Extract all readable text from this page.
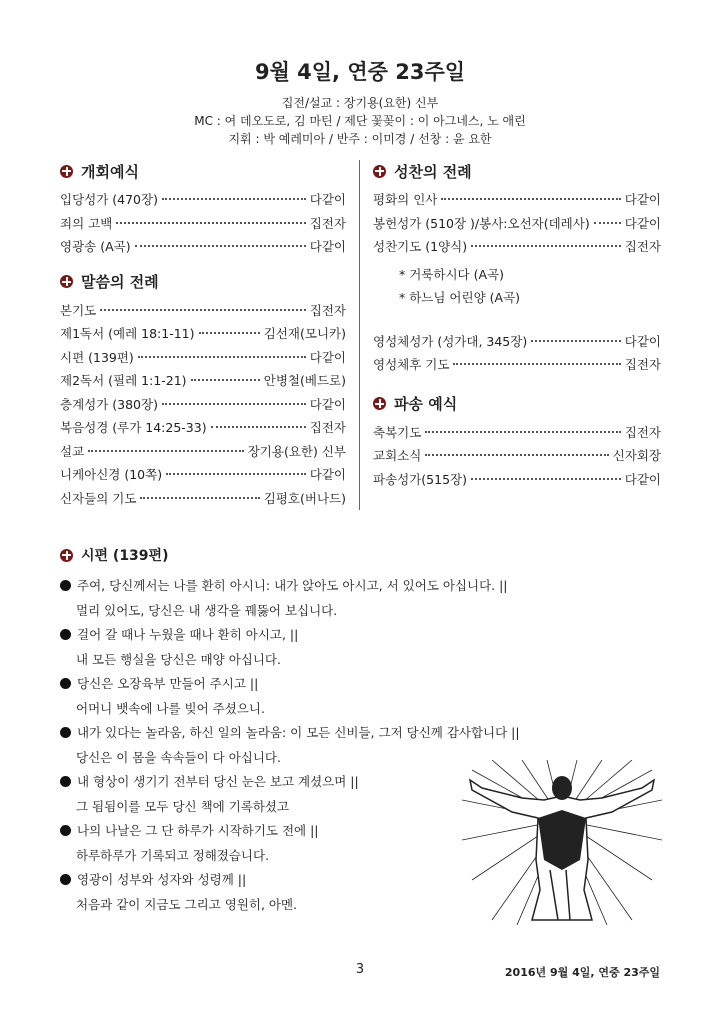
9월 4일, 연중 23주일
집전/설교 : 장기용(요한) 신부
MC : 여 데오도로, 김 마틴 / 제단 꽃꽂이 : 이 아그네스, 노 애린
지휘 : 박 예레미아 / 반주 : 이미경 / 선창 : 윤 요한
개회예식
입당성가 (470장)	다같이
죄의 고백	집전자
영광송 (A곡)	다같이
말씀의 전례
본기도	집전자
제1독서 (예레 18:1-11)	김선재(모니카)
시편 (139편)	다같이
제2독서 (필레 1:1-21)	안병철(베드로)
층계성가 (380장)	다같이
복음성경 (루가 14:25-33)	집전자
설교	장기용(요한) 신부
니케아신경 (10쪽)	다같이
신자들의 기도	김평호(버나드)
성찬의 전례
평화의 인사	다같이
봉헌성가 (510장 )/봉사:오선자(데레사)	다같이
성찬기도 (1양식)	집전자
* 거룩하시다 (A곡)
* 하느님 어린양 (A곡)
영성체성가 (성가대, 345장)	다같이
영성체후 기도	집전자
파송 예식
축복기도	집전자
교회소식	신자회장
파송성가(515장)	다같이
시편 (139편)
주여, 당신께서는 나를 환히 아시니: 내가 앉아도 아시고, 서 있어도 아십니다. ||
멀리 있어도, 당신은 내 생각을 꿰뚫어 보십니다.
걸어 갈 때나 누웠을 때나 환히 아시고, ||
내 모든 행실을 당신은 매양 아십니다.
당신은 오장육부 만들어 주시고 ||
어머니 뱃속에 나를 빚어 주셨으니.
내가 있다는 놀라움, 하신 일의 놀라움: 이 모든 신비들, 그저 당신께 감사합니다 ||
당신은 이 몸을 속속들이 다 아십니다.
내 형상이 생기기 전부터 당신 눈은 보고 계셨으며 ||
그 됨됨이를 모두 당신 책에 기록하셨고
나의 나날은 그 단 하루가 시작하기도 전에 ||
하루하루가 기록되고 정해졌습니다.
영광이 성부와 성자와 성령께 ||
처음과 같이 지금도 그리고 영원히, 아멘.
3	2016년 9월 4일, 연중 23주일
